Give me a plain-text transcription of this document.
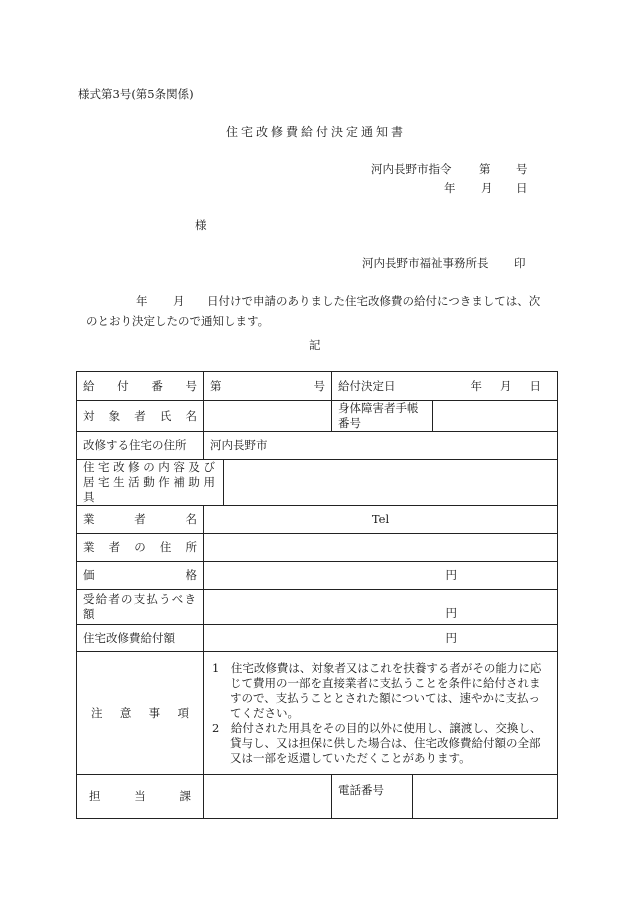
様式第3号(第5条関係)
住宅改修費給付決定通知書
河内長野市指令 第 号
年 月 日
様
河内長野市福祉事務所長 印
年 月 日付けで申請のありました住宅改修費の給付につきましては、次
のとおり決定したので通知します。
記
給付番号	第 号		給付決定日		年 月 日

対象者氏名			身体障害者手帳番号		
改修する住宅の住所	河内長野市				
住宅改修の内容及び居宅生活動作補助用具					
業者名	Tel				
業者の住所					
価格	円				
受給者の支払うべき額	円				
住宅改修費給付額	円				
注意事項	1　住宅改修費は、対象者又はこれを扶養する者がその能力に応じて費用の一部を直接業者に支払うことを条件に給付されますので、支払うこととされた額については、速やかに支払ってください。

2　給付された用具をその目的以外に使用し、譲渡し、交換し、貸与し、又は担保に供した場合は、住宅改修費給付額の全部又は一部を返還していただくことがあります。				

担当課			電話番号		
